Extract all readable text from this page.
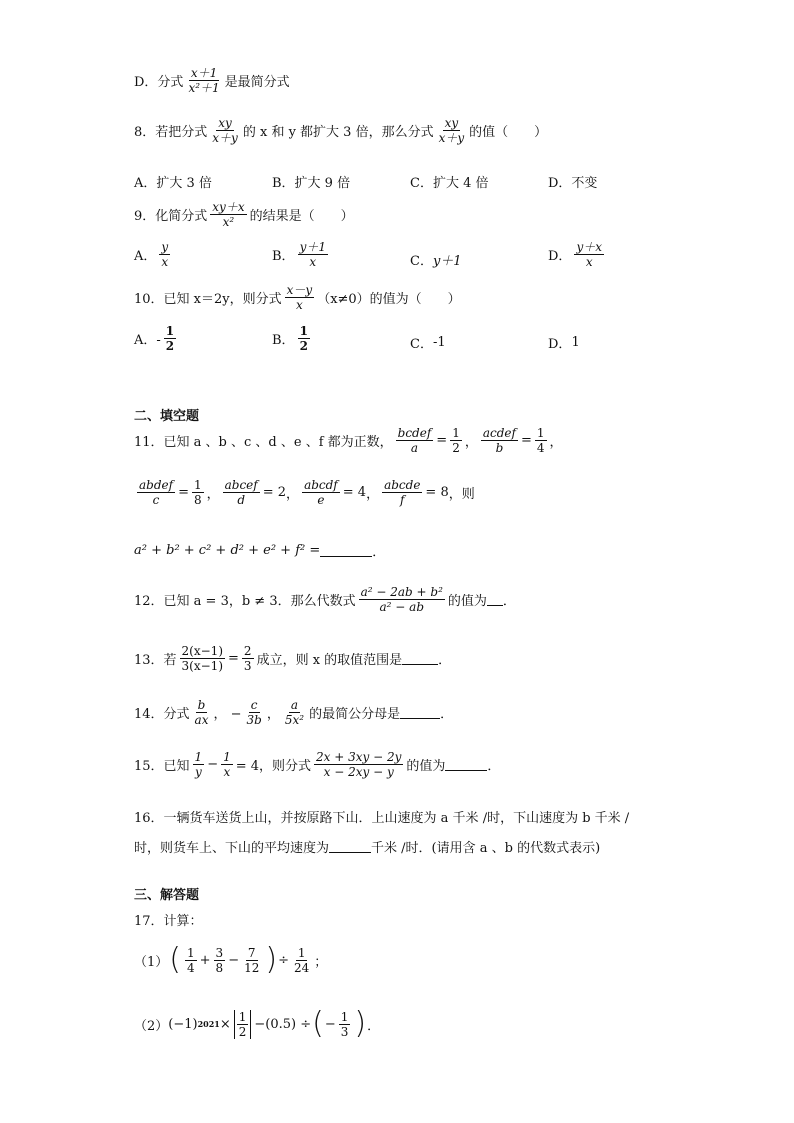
D．分式
x＋1
x²＋1 是最简分式
8．若把分式
xy
x＋y 的 x 和 y 都扩大 3 倍，那么分式
xy
x＋y 的值（　　）
A．扩大 3 倍	B．扩大 9 倍	C．扩大 4 倍	D．不变
9．化简分式
xy＋x
x² 的结果是（　　）
A．
y
x	B．
y＋1
x	C． y＋1	D．
y＋x
x
10．已知 x＝2y，则分式
x－y
x （x≠0）的值为（　　）
A．-
1
2	B．
1
2	C． -1	D． 1
二、填空题
11．已知 a 、b 、c 、d 、e 、f 都为正数，
bcdef
a = 1
2 ，
acdef
b = 1
4 ，
abdef
c = 1
8 ，
abcef
d = 2 ，
abcdf
e = 4 ，
abcde
f = 8 ，则
a² + b² + c² + d² + e² + f² =	．
12．已知 a = 3，b ≠ 3．那么代数式
a² − 2ab + b²
a² − ab 的值为 ．
13．若
2(x−1)
3(x−1) = 2
3 成立，则 x 的取值范围是	．
14．分式
b
ax ， −
c
3b ，
a
5x² 的最简公分母是	．
15．已知
1
$y - \frac{1}{x} = 4$，则分式
2x + 3xy − 2y
x − 2xy − y 的值为	．
16．一辆货车送货上山，并按原路下山．上山速度为 a 千米 /时，下山速度为 b 千米 /
时，则货车上、下山的平均速度为	千米 /时．(请用含 a 、b 的代数式表示)
三、解答题
17．计算：
（1） ( 1
4 + 3
8 − 7
12 ) ÷ 1
24 ；
（2） (−1) $2021 \times \frac{1}{2} -(0.5)$ ÷ ( − 1
3 ) ．
